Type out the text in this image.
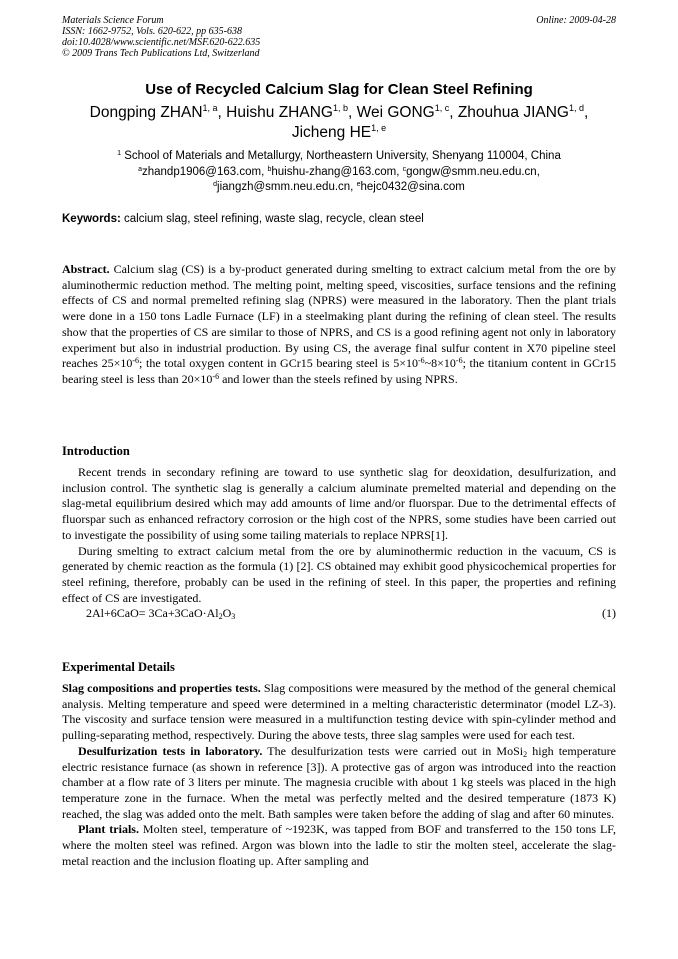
Materials Science Forum
ISSN: 1662-9752, Vols. 620-622, pp 635-638
doi:10.4028/www.scientific.net/MSF.620-622.635
© 2009 Trans Tech Publications Ltd, Switzerland
Online: 2009-04-28
Use of Recycled Calcium Slag for Clean Steel Refining
Dongping ZHAN$^{1, a}$, Huishu ZHANG$^{1, b}$, Wei GONG$^{1, c}$, Zhouhua JIANG$^{1, d}$,
Jicheng HE$^{1, e}$
$^1$ School of Materials and Metallurgy, Northeastern University, Shenyang 110004, China
$^a$zhandp1906@163.com, $^b$huishu-zhang@163.com, $^c$gongw@smm.neu.edu.cn,
$^d$jiangzh@smm.neu.edu.cn, $^e$hejc0432@sina.com
Keywords: calcium slag, steel refining, waste slag, recycle, clean steel
Abstract. Calcium slag (CS) is a by-product generated during smelting to extract calcium metal from the ore by aluminothermic reduction method. The melting point, melting speed, viscosities, surface tensions and the refining effects of CS and normal premelted refining slag (NPRS) were measured in the laboratory. Then the plant trials were done in a 150 tons Ladle Furnace (LF) in a steelmaking plant during the refining of clean steel. The results show that the properties of CS are similar to those of NPRS, and CS is a good refining agent not only in laboratory experiment but also in industrial production. By using CS, the average final sulfur content in X70 pipeline steel reaches $25\times 10^{-6}$; the total oxygen content in GCr15 bearing steel is $5\times 10^{-6}\sim 8\times 10^{-6}$; the titanium content in GCr15 bearing steel is less than $20\times 10^{-6}$ and lower than the steels refined by using NPRS.
Introduction

Recent trends in secondary refining are toward to use synthetic slag for deoxidation, desulfurization, and inclusion control. The synthetic slag is generally a calcium aluminate premelted material and depending on the slag-metal equilibrium desired which may add amounts of lime and/or fluorspar. Due to the detrimental effects of fluorspar such as enhanced refractory corrosion or the high cost of the NPRS, some studies have been carried out to investigate the possibility of using some tailing materials to replace NPRS[1].

During smelting to extract calcium metal from the ore by aluminothermic reduction in the vacuum, CS is generated by chemic reaction as the formula (1) [2]. CS obtained may exhibit good physicochemical properties for steel refining, therefore, probably can be used in the refining of steel. In this paper, the properties and refining effect of CS are investigated.

$2Al+6CaO= 3Ca+3CaO\cdot Al_2O_3$	(1)

Experimental Details

Slag compositions and properties tests. Slag compositions were measured by the method of the general chemical analysis. Melting temperature and speed were determined in a melting characteristic determinator (model LZ-3). The viscosity and surface tension were measured in a multifunction testing device with spin-cylinder method and pulling-separating method, respectively. During the above tests, three slag samples were used for each test.

Desulfurization tests in laboratory. The desulfurization tests were carried out in MoSi$_2$ high temperature electric resistance furnace (as shown in reference [3]). A protective gas of argon was introduced into the reaction chamber at a flow rate of 3 liters per minute. The magnesia crucible with about 1 kg steels was placed in the high temperature zone in the furnace. When the metal was perfectly melted and the desired temperature (1873 K) reached, the slag was added onto the melt. Bath samples were taken before the adding of slag and after 60 minutes.

Plant trials. Molten steel, temperature of ~1923K, was tapped from BOF and transferred to the 150 tons LF, where the molten steel was refined. Argon was blown into the ladle to stir the molten steel, accelerate the slag-metal reaction and the inclusion floating up. After sampling and
